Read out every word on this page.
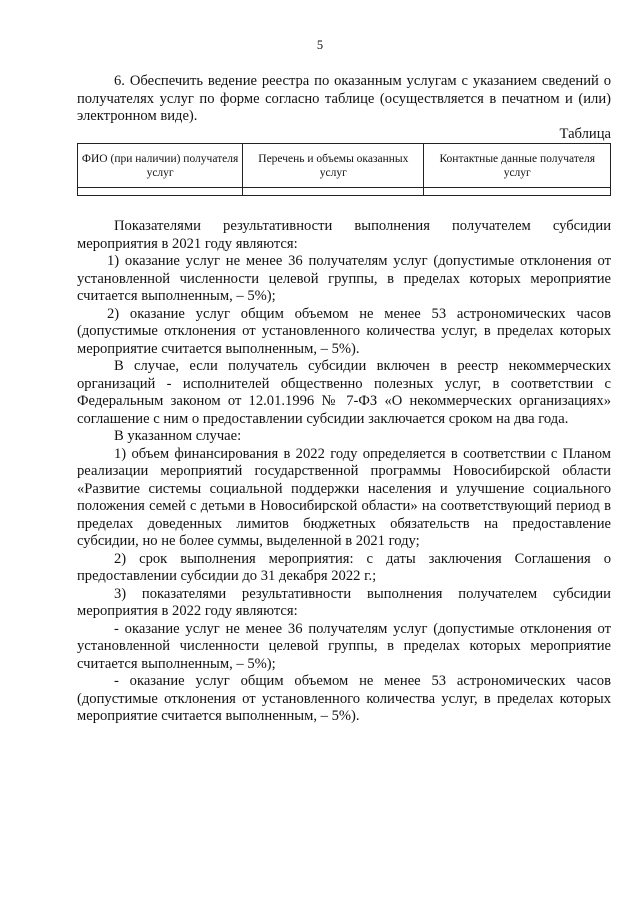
5

6. Обеспечить ведение реестра по оказанным услугам с указанием сведений о получателях услуг по форме согласно таблице (осуществляется в печатном и (или) электронном виде).

Таблица

ФИО (при наличии) получателя услуг	Перечень и объемы оказанных услуг	Контактные данные получателя услуг

Показателями результативности выполнения получателем субсидии мероприятия в 2021 году являются:

1) оказание услуг не менее 36 получателям услуг (допустимые отклонения от установленной численности целевой группы, в пределах которых мероприятие считается выполненным, – 5%);

2) оказание услуг общим объемом не менее 53 астрономических часов (допустимые отклонения от установленного количества услуг, в пределах которых мероприятие считается выполненным, – 5%).

В случае, если получатель субсидии включен в реестр некоммерческих организаций - исполнителей общественно полезных услуг, в соответствии с Федеральным законом от 12.01.1996 № 7-ФЗ «О некоммерческих организациях» соглашение с ним о предоставлении субсидии заключается сроком на два года.

В указанном случае:

1) объем финансирования в 2022 году определяется в соответствии с Планом реализации мероприятий государственной программы Новосибирской области «Развитие системы социальной поддержки населения и улучшение социального положения семей с детьми в Новосибирской области» на соответствующий период в пределах доведенных лимитов бюджетных обязательств на предоставление субсидии, но не более суммы, выделенной в 2021 году;

2) срок выполнения мероприятия: с даты заключения Соглашения о предоставлении субсидии до 31 декабря 2022 г.;

3) показателями результативности выполнения получателем субсидии мероприятия в 2022 году являются:

- оказание услуг не менее 36 получателям услуг (допустимые отклонения от установленной численности целевой группы, в пределах которых мероприятие считается выполненным, – 5%);

- оказание услуг общим объемом не менее 53 астрономических часов (допустимые отклонения от установленного количества услуг, в пределах которых мероприятие считается выполненным, – 5%).
